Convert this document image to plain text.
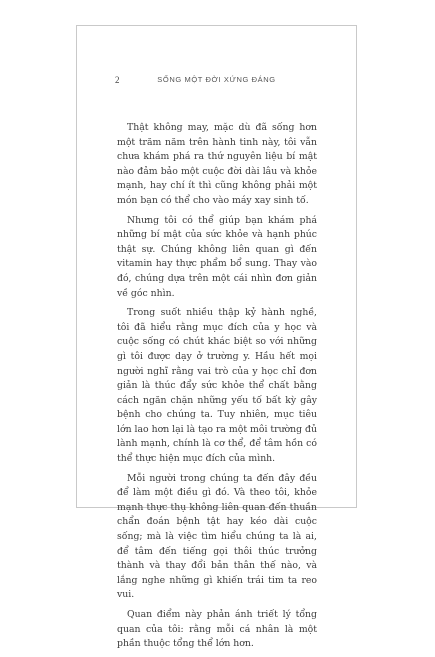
2	SỐNG MỘT ĐỜI XỨNG ĐÁNG

Thật không may, mặc dù đã sống hơn một trăm năm trên hành tinh này, tôi vẫn chưa khám phá ra thứ nguyên liệu bí mật nào đảm bảo một cuộc đời dài lâu và khỏe mạnh, hay chí ít thì cũng không phải một món bạn có thể cho vào máy xay sinh tố.

Nhưng tôi có thể giúp bạn khám phá những bí mật của sức khỏe và hạnh phúc thật sự. Chúng không liên quan gì đến vitamin hay thực phẩm bổ sung. Thay vào đó, chúng dựa trên một cái nhìn đơn giản về góc nhìn.

Trong suốt nhiều thập kỷ hành nghề, tôi đã hiểu rằng mục đích của y học và cuộc sống có chút khác biệt so với những gì tôi được dạy ở trường y. Hầu hết mọi người nghĩ rằng vai trò của y học chỉ đơn giản là thúc đẩy sức khỏe thể chất bằng cách ngăn chặn những yếu tố bất kỳ gây bệnh cho chúng ta. Tuy nhiên, mục tiêu lớn lao hơn lại là tạo ra một môi trường đủ lành mạnh, chính là cơ thể, để tâm hồn có thể thực hiện mục đích của mình.

Mỗi người trong chúng ta đến đây đều để làm một điều gì đó. Và theo tôi, khỏe mạnh thực thụ không liên quan đến thuần chẩn đoán bệnh tật hay kéo dài cuộc sống; mà là việc tìm hiểu chúng ta là ai, để tâm đến tiếng gọi thôi thúc trưởng thành và thay đổi bản thân thế nào, và lắng nghe những gì khiến trái tim ta reo vui.

Quan điểm này phản ánh triết lý tổng quan của tôi: rằng mỗi cá nhân là một phần thuộc tổng thể lớn hơn.
